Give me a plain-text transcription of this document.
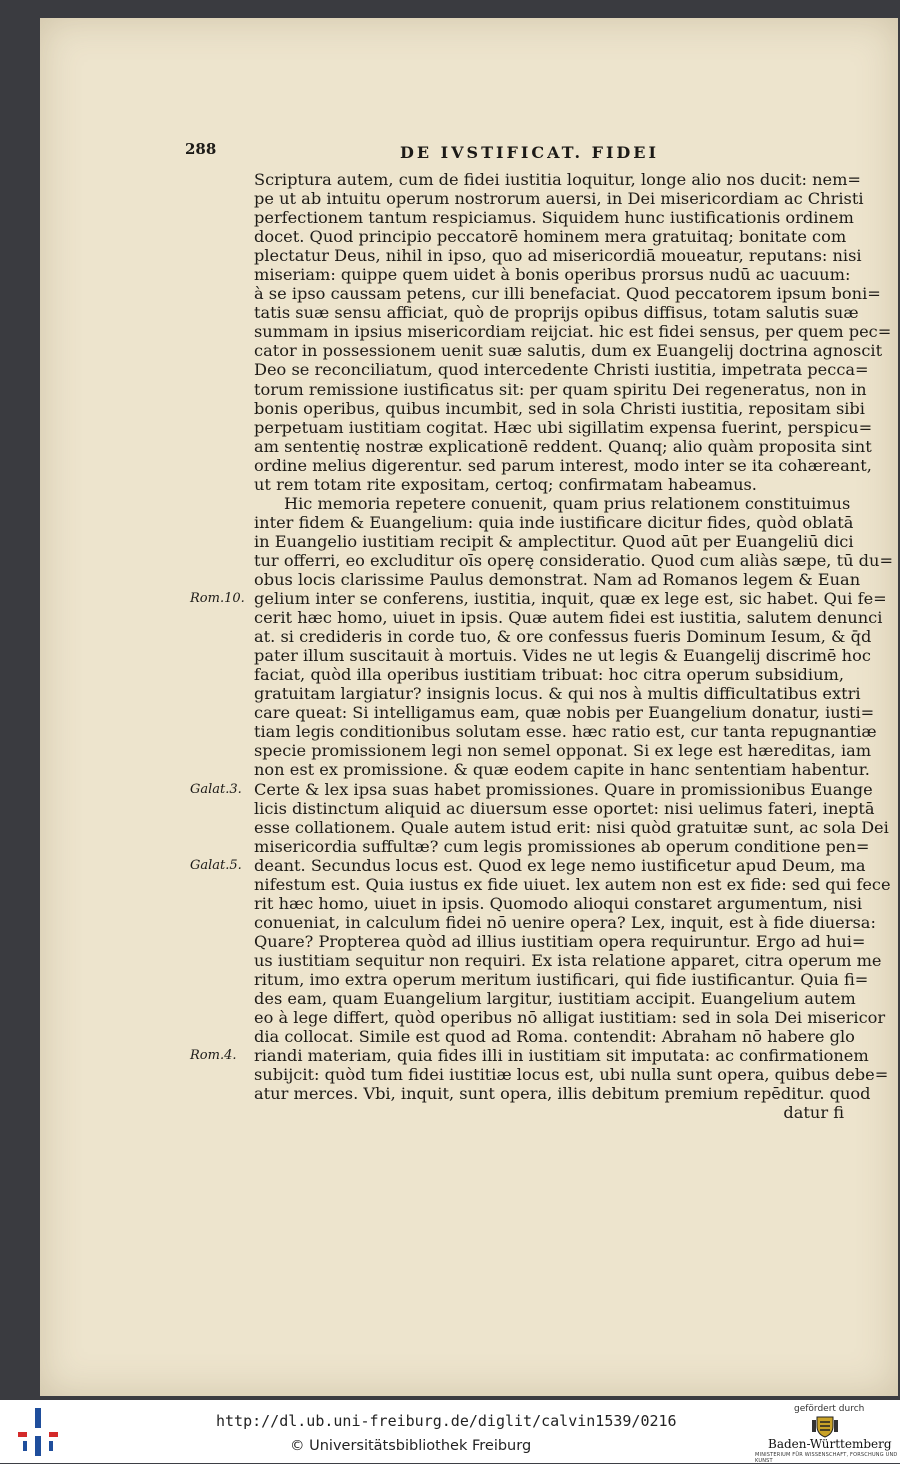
288	DE IVSTIFICAT. FIDEI
Scriptura autem, cum de fidei iustitia loquitur, longe alio nos ducit: nem=
pe ut ab intuitu operum nostrorum auersi, in Dei misericordiam ac Christi
perfectionem tantum respiciamus. Siquidem hunc iustificationis ordinem
docet. Quod principio peccatorē hominem mera gratuitaq; bonitate com
plectatur Deus, nihil in ipso, quo ad misericordiā moueatur, reputans: nisi
miseriam: quippe quem uidet à bonis operibus prorsus nudū ac uacuum:
à se ipso caussam petens, cur illi benefaciat. Quod peccatorem ipsum boni=
tatis suæ sensu afficiat, quò de proprijs opibus diffisus, totam salutis suæ
summam in ipsius misericordiam reijciat. hic est fidei sensus, per quem pec=
cator in possessionem uenit suæ salutis, dum ex Euangelij doctrina agnoscit
Deo se reconciliatum, quod intercedente Christi iustitia, impetrata pecca=
torum remissione iustificatus sit: per quam spiritu Dei regeneratus, non in
bonis operibus, quibus incumbit, sed in sola Christi iustitia, repositam sibi
perpetuam iustitiam cogitat. Hæc ubi sigillatim expensa fuerint, perspicu=
am sententię nostræ explicationē reddent. Quanq; alio quàm proposita sint
ordine melius digerentur. sed parum interest, modo inter se ita cohæreant,
ut rem totam rite expositam, certoq; confirmatam habeamus.
Hic memoria repetere conuenit, quam prius relationem constituimus
inter fidem & Euangelium: quia inde iustificare dicitur fides, quòd oblatā
in Euangelio iustitiam recipit & amplectitur. Quod aūt per Euangeliū dici
tur offerri, eo excluditur oīs operę consideratio. Quod cum aliàs sæpe, tū du=
obus locis clarissime Paulus demonstrat. Nam ad Romanos legem & Euan
gelium inter se conferens, iustitia, inquit, quæ ex lege est, sic habet. Qui fe=
cerit hæc homo, uiuet in ipsis. Quæ autem fidei est iustitia, salutem denunci
at. si credideris in corde tuo, & ore confessus fueris Dominum Iesum, & q̄d
pater illum suscitauit à mortuis. Vides ne ut legis & Euangelij discrimē hoc
faciat, quòd illa operibus iustitiam tribuat: hoc citra operum subsidium,
gratuitam largiatur? insignis locus. & qui nos à multis difficultatibus extri
care queat: Si intelligamus eam, quæ nobis per Euangelium donatur, iusti=
tiam legis conditionibus solutam esse. hæc ratio est, cur tanta repugnantiæ
specie promissionem legi non semel opponat. Si ex lege est hæreditas, iam
non est ex promissione. & quæ eodem capite in hanc sententiam habentur.
Certe & lex ipsa suas habet promissiones. Quare in promissionibus Euange
licis distinctum aliquid ac diuersum esse oportet: nisi uelimus fateri, ineptā
esse collationem. Quale autem istud erit: nisi quòd gratuitæ sunt, ac sola Dei
misericordia suffultæ? cum legis promissiones ab operum conditione pen=
deant. Secundus locus est. Quod ex lege nemo iustificetur apud Deum, ma
nifestum est. Quia iustus ex fide uiuet. lex autem non est ex fide: sed qui fece
rit hæc homo, uiuet in ipsis. Quomodo alioqui constaret argumentum, nisi
conueniat, in calculum fidei nō uenire opera? Lex, inquit, est à fide diuersa:
Quare? Propterea quòd ad illius iustitiam opera requiruntur. Ergo ad hui=
us iustitiam sequitur non requiri. Ex ista relatione apparet, citra operum me
ritum, imo extra operum meritum iustificari, qui fide iustificantur. Quia fi=
des eam, quam Euangelium largitur, iustitiam accipit. Euangelium autem
eo à lege differt, quòd operibus nō alligat iustitiam: sed in sola Dei misericor
dia collocat. Simile est quod ad Roma. contendit: Abraham nō habere glo
riandi materiam, quia fides illi in iustitiam sit imputata: ac confirmationem
subijcit: quòd tum fidei iustitiæ locus est, ubi nulla sunt opera, quibus debe=
atur merces. Vbi, inquit, sunt opera, illis debitum premium repēditur. quod
datur fi
Rom.10.
Galat.3.
Galat.5.
Rom.4.
http://dl.ub.uni-freiburg.de/diglit/calvin1539/0216
© Universitätsbibliothek Freiburg
gefördert durch
Baden-Württemberg
MINISTERIUM FÜR WISSENSCHAFT, FORSCHUNG UND KUNST
